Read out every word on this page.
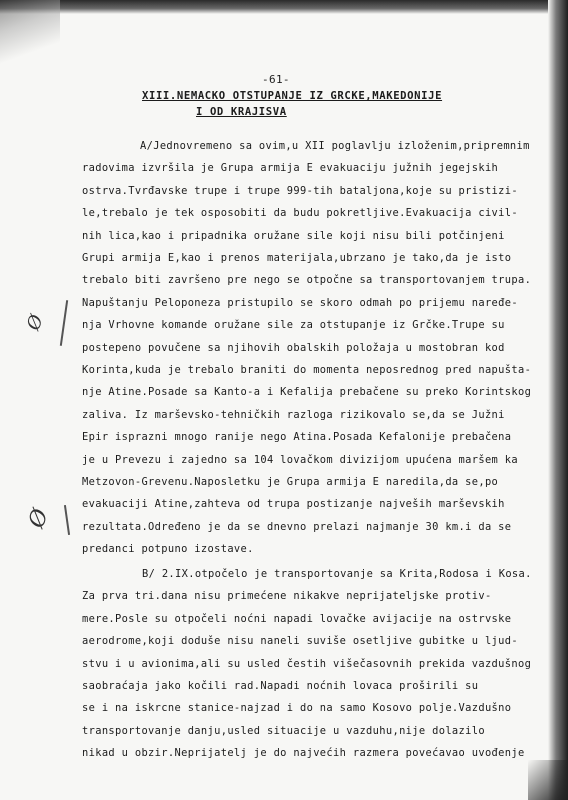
-61-
XIII.NEMACKO OTSTUPANJE IZ GRCKE,MAKEDONIJE
I OD KRAJISVA
A/Jednovremeno sa ovim,u XII poglavlju izloženim,pripremnim
radovima izvršila je Grupa armija E evakuaciju južnih jegejskih
ostrva.Tvrđavske trupe i trupe 999-tih bataljona,koje su pristizi-
le,trebalo je tek osposobiti da budu pokretljive.Evakuacija civil-
nih lica,kao i pripadnika oružane sile koji nisu bili potčinjeni
Grupi armija E,kao i prenos materijala,ubrzano je tako,da je isto
trebalo biti završeno pre nego se otpočne sa transportovanjem trupa.
Napuštanju Peloponeza pristupilo se skoro odmah po prijemu naređe-
nja Vrhovne komande oružane sile za otstupanje iz Grčke.Trupe su
postepeno povučene sa njihovih obalskih položaja u mostobran kod
Korinta,kuda je trebalo braniti do momenta neposrednog pred napušta-
nje Atine.Posade sa Kanto-a i Kefalija prebačene su preko Korintskog
zaliva. Iz marševsko-tehničkih razloga rizikovalo se,da se Južni
Epir isprazni mnogo ranije nego Atina.Posada Kefalonije prebačena
je u Prevezu i zajedno sa 104 lovačkom divizijom upućena maršem ka
Metzovon-Grevenu.Naposletku je Grupa armija E naredila,da se,po
evakuaciji Atine,zahteva od trupa postizanje najveših marševskih
rezultata.Određeno je da se dnevno prelazi najmanje 30 km.i da se
predanci potpuno izostave.
B/ 2.IX.otpočelo je transportovanje sa Krita,Rodosa i Kosa.
Za prva tri.dana nisu primećene nikakve neprijateljske protiv-
mere.Posle su otpočeli noćni napadi lovačke avijacije na ostrvske
aerodrome,koji doduše nisu naneli suviše osetljive gubitke u ljud-
stvu i u avionima,ali su usled čestih višečasovnih prekida vazdušnog
saobraćaja jako kočili rad.Napadi noćnih lovaca proširili su
se i na iskrcne stanice-najzad i do na samo Kosovo polje.Vazdušno
transportovanje danju,usled situacije u vazduhu,nije dolazilo
nikad u obzir.Neprijatelj je do najvećih razmera povećavao uvođenje
Ø
Ø
